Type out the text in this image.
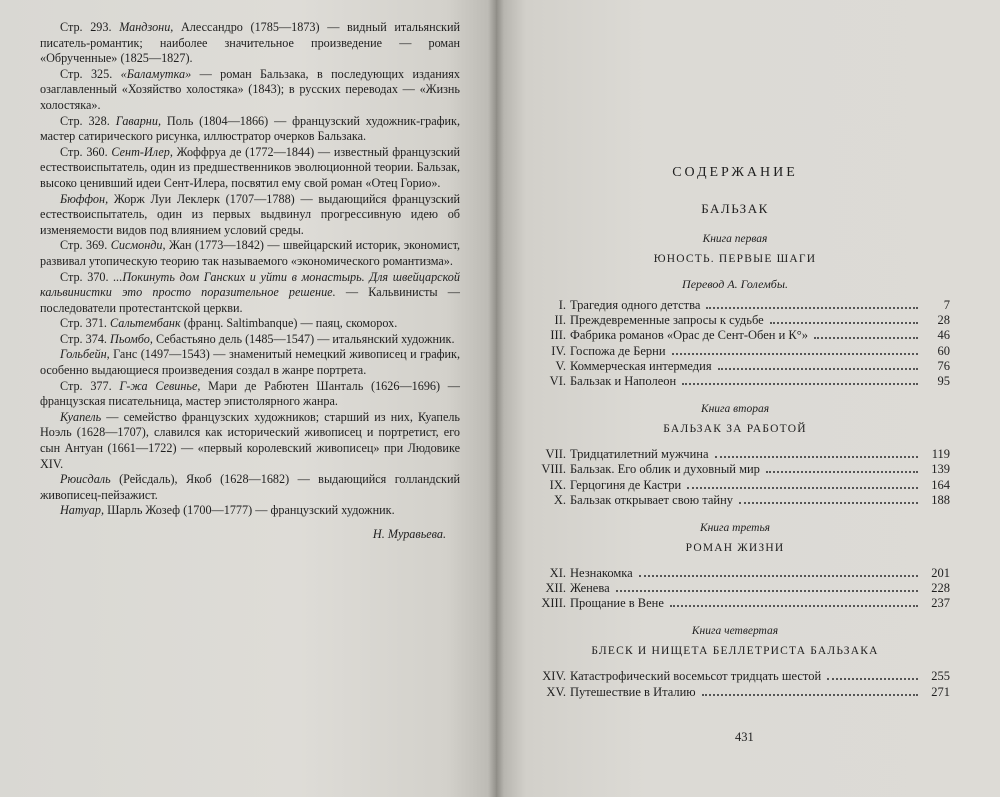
Стр. 293. Мандзони, Алессандро (1785—1873) — видный итальянский писатель-романтик; наиболее значительное произведение — роман «Обрученные» (1825—1827).

Стр. 325. «Баламутка» — роман Бальзака, в последующих изданиях озаглавленный «Хозяйство холостяка» (1843); в русских переводах — «Жизнь холостяка».

Стр. 328. Гаварни, Поль (1804—1866) — французский художник-график, мастер сатирического рисунка, иллюстратор очерков Бальзака.

Стр. 360. Сент-Илер, Жоффруа де (1772—1844) — известный французский естествоиспытатель, один из предшественников эволюционной теории. Бальзак, высоко ценивший идеи Сент-Илера, посвятил ему свой роман «Отец Горио».

Бюффон, Жорж Луи Леклерк (1707—1788) — выдающийся французский естествоиспытатель, один из первых выдвинул прогрессивную идею об изменяемости видов под влиянием условий среды.

Стр. 369. Сисмонди, Жан (1773—1842) — швейцарский историк, экономист, развивал утопическую теорию так называемого «экономического романтизма».

Стр. 370. ...Покинуть дом Ганских и уйти в монастырь. Для швейцарской кальвинистки это просто поразительное решение. — Кальвинисты — последователи протестантской церкви.

Стр. 371. Сальтембанк (франц. Saltimbanque) — паяц, скоморох.

Стр. 374. Пьомбо, Себастьяно дель (1485—1547) — итальянский художник.

Гольбейн, Ганс (1497—1543) — знаменитый немецкий живописец и график, особенно выдающиеся произведения создал в жанре портрета.

Стр. 377. Г-жа Севинье, Мари де Рабютен Шанталь (1626—1696) — французская писательница, мастер эпистолярного жанра.

Куапель — семейство французских художников; старший из них, Куапель Ноэль (1628—1707), славился как исторический живописец и портретист, его сын Антуан (1661—1722) — «первый королевский живописец» при Людовике XIV.

Рюисдаль (Рейсдаль), Якоб (1628—1682) — выдающийся голландский живописец-пейзажист.

Натуар, Шарль Жозеф (1700—1777) — французский художник.

Н. Муравьева.
СОДЕРЖАНИЕ
БАЛЬЗАК
Книга первая
ЮНОСТЬ. ПЕРВЫЕ ШАГИ
Перевод А. Голембы.
I. Трагедия одного детства	7
II. Преждевременные запросы к судьбе	28
III. Фабрика романов «Орас де Сент-Обен и К°»	46
IV. Госпожа де Берни	60
V. Коммерческая интермедия	76
VI. Бальзак и Наполеон	95
Книга вторая
БАЛЬЗАК ЗА РАБОТОЙ
VII. Тридцатилетний мужчина	119
VIII. Бальзак. Его облик и духовный мир	139
IX. Герцогиня де Кастри	164
X. Бальзак открывает свою тайну	188
Книга третья
РОМАН ЖИЗНИ
XI. Незнакомка	201
XII. Женева	228
XIII. Прощание в Вене	237
Книга четвертая
БЛЕСК И НИЩЕТА БЕЛЛЕТРИСТА БАЛЬЗАКА
XIV. Катастрофический восемьсот тридцать шестой	255
XV. Путешествие в Италию	271
431
